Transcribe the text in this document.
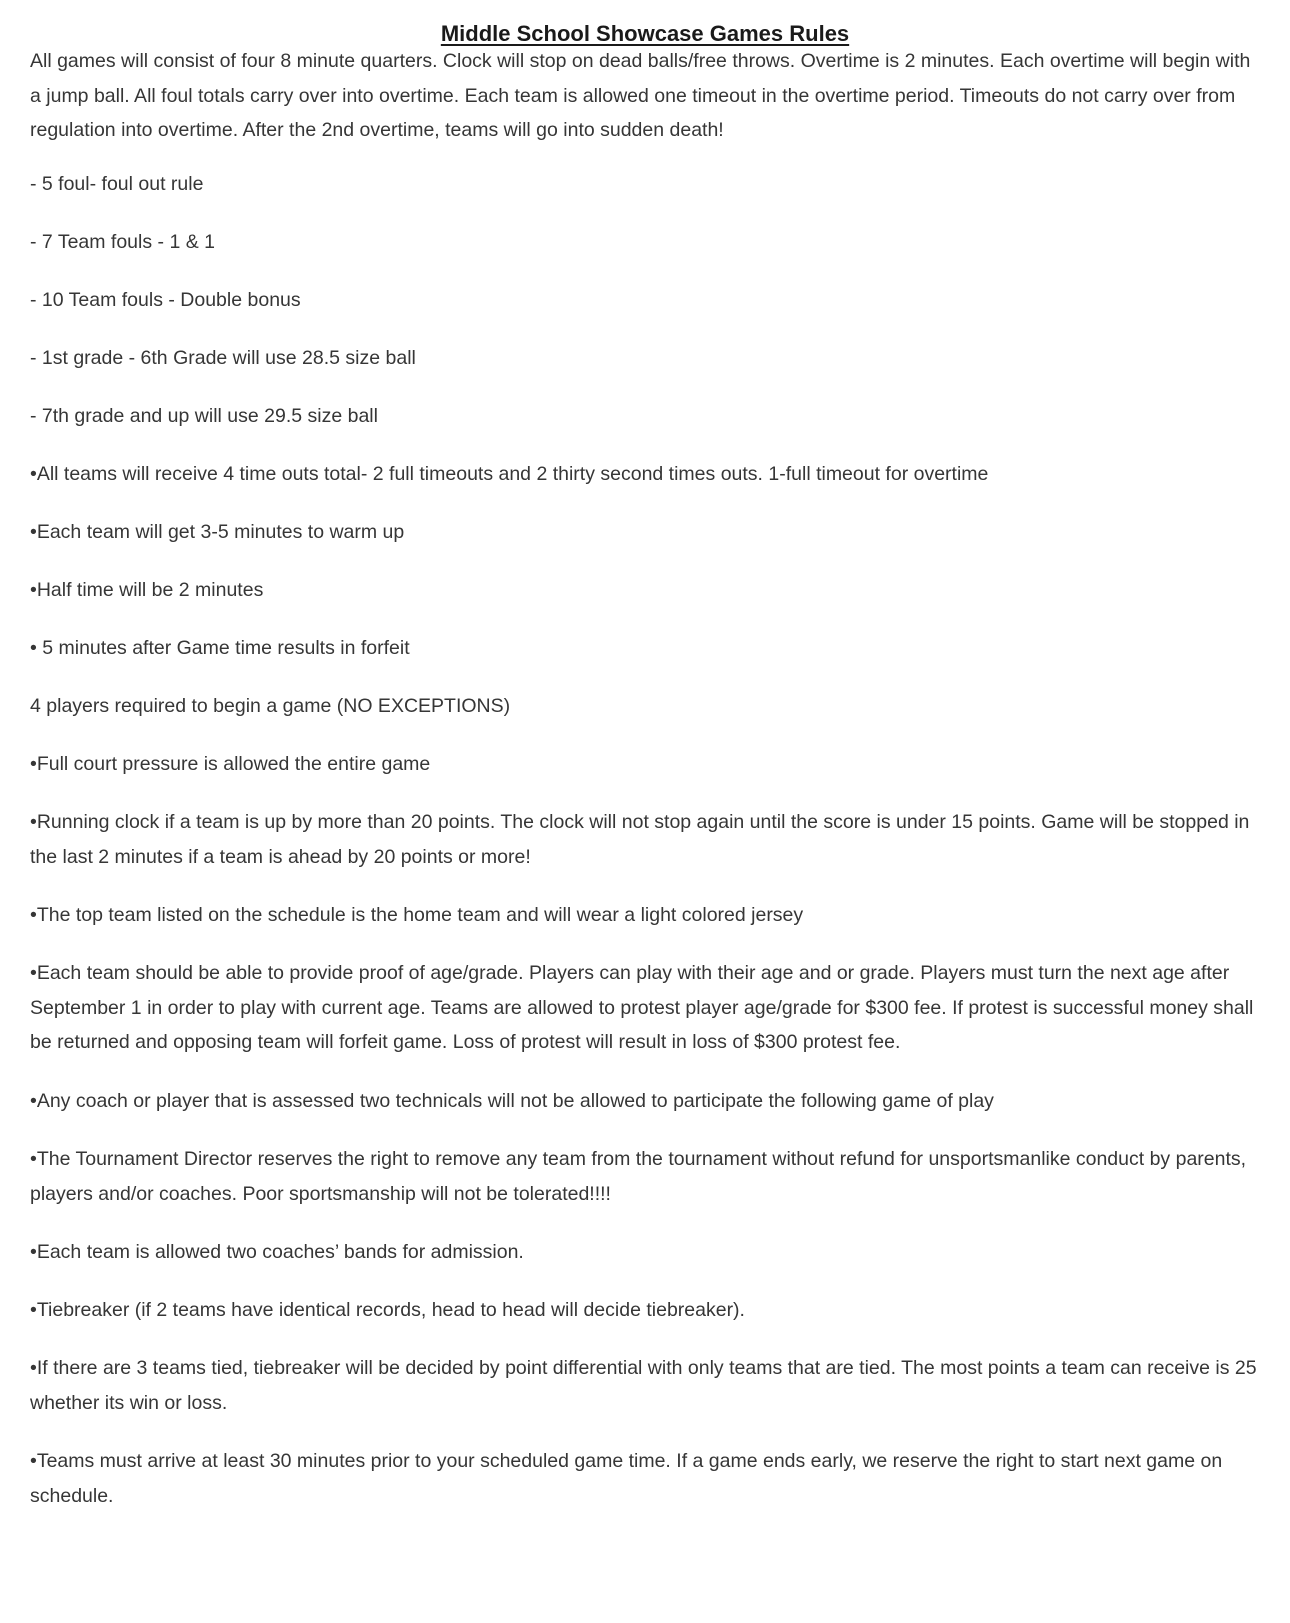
Middle School Showcase Games Rules
All games will consist of four 8 minute quarters. Clock will stop on dead balls/free throws. Overtime is 2 minutes. Each overtime will begin with a jump ball. All foul totals carry over into overtime. Each team is allowed one timeout in the overtime period. Timeouts do not carry over from regulation into overtime. After the 2nd overtime, teams will go into sudden death!
- 5 foul- foul out rule
- 7 Team fouls - 1 & 1
- 10 Team fouls - Double bonus
- 1st grade - 6th Grade will use 28.5 size ball
- 7th grade and up will use 29.5 size ball
•All teams will receive 4 time outs total- 2 full timeouts and 2 thirty second times outs. 1-full timeout for overtime
•Each team will get 3-5 minutes to warm up
•Half time will be 2 minutes
• 5 minutes after Game time results in forfeit
4 players required to begin a game (NO EXCEPTIONS)
•Full court pressure is allowed the entire game
•Running clock if a team is up by more than 20 points. The clock will not stop again until the score is under 15 points. Game will be stopped in the last 2 minutes if a team is ahead by 20 points or more!
•The top team listed on the schedule is the home team and will wear a light colored jersey
•Each team should be able to provide proof of age/grade. Players can play with their age and or grade. Players must turn the next age after September 1 in order to play with current age. Teams are allowed to protest player age/grade for $300 fee. If protest is successful money shall be returned and opposing team will forfeit game. Loss of protest will result in loss of $300 protest fee.
•Any coach or player that is assessed two technicals will not be allowed to participate the following game of play
•The Tournament Director reserves the right to remove any team from the tournament without refund for unsportsmanlike conduct by parents, players and/or coaches. Poor sportsmanship will not be tolerated!!!!
•Each team is allowed two coaches’ bands for admission.
•Tiebreaker (if 2 teams have identical records, head to head will decide tiebreaker).
•If there are 3 teams tied, tiebreaker will be decided by point differential with only teams that are tied. The most points a team can receive is 25 whether its win or loss.
•Teams must arrive at least 30 minutes prior to your scheduled game time. If a game ends early, we reserve the right to start next game on schedule.
